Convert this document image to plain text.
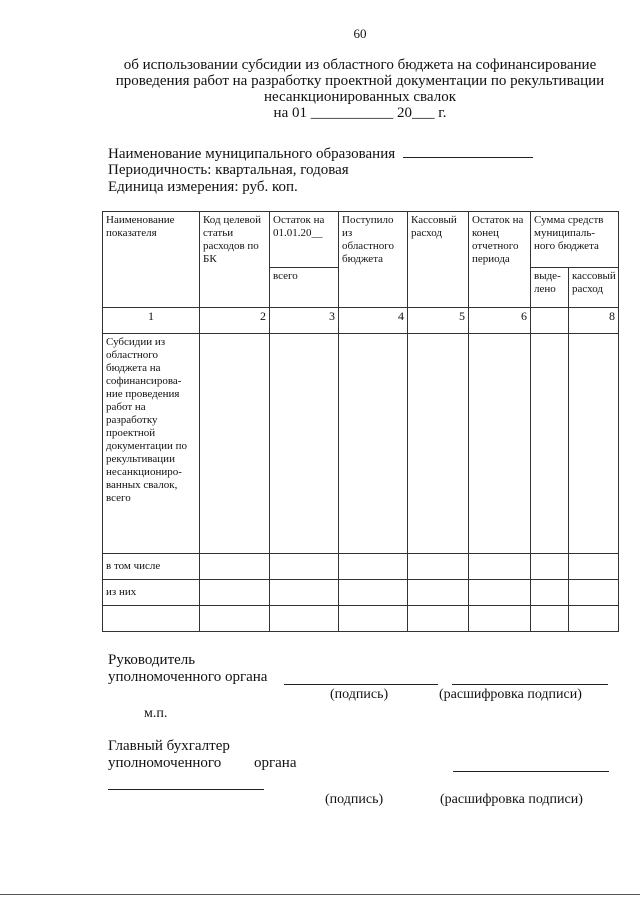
60
об использовании субсидии из областного бюджета на софинансирование
проведения работ на разработку проектной документации по рекультивации
несанкционированных свалок
на 01 ___________ 20___ г.
Наименование муниципального образования
Периодичность: квартальная, годовая
Единица измерения: руб. коп.
Наименование показателя	Код целевой статьи расходов по БК	Остаток на 01.01.20__	Поступило из областного бюджета	Кассовый расход	Остаток на конец отчетного периода	Сумма средств муниципаль-ного бюджета	
		всего				выде-лено	кассовый расход
1	2	3	4	5	6		8
Субсидии из областного бюджета на софинансирова-ние проведения работ на разработку проектной документации по рекультивации несанкциониро-ванных свалок, всего							
в том числе							
из них							

Руководитель
уполномоченного органа
(подпись)	(расшифровка подписи)
м.п.
Главный бухгалтер
уполномоченного органа
(подпись)	(расшифровка подписи)
